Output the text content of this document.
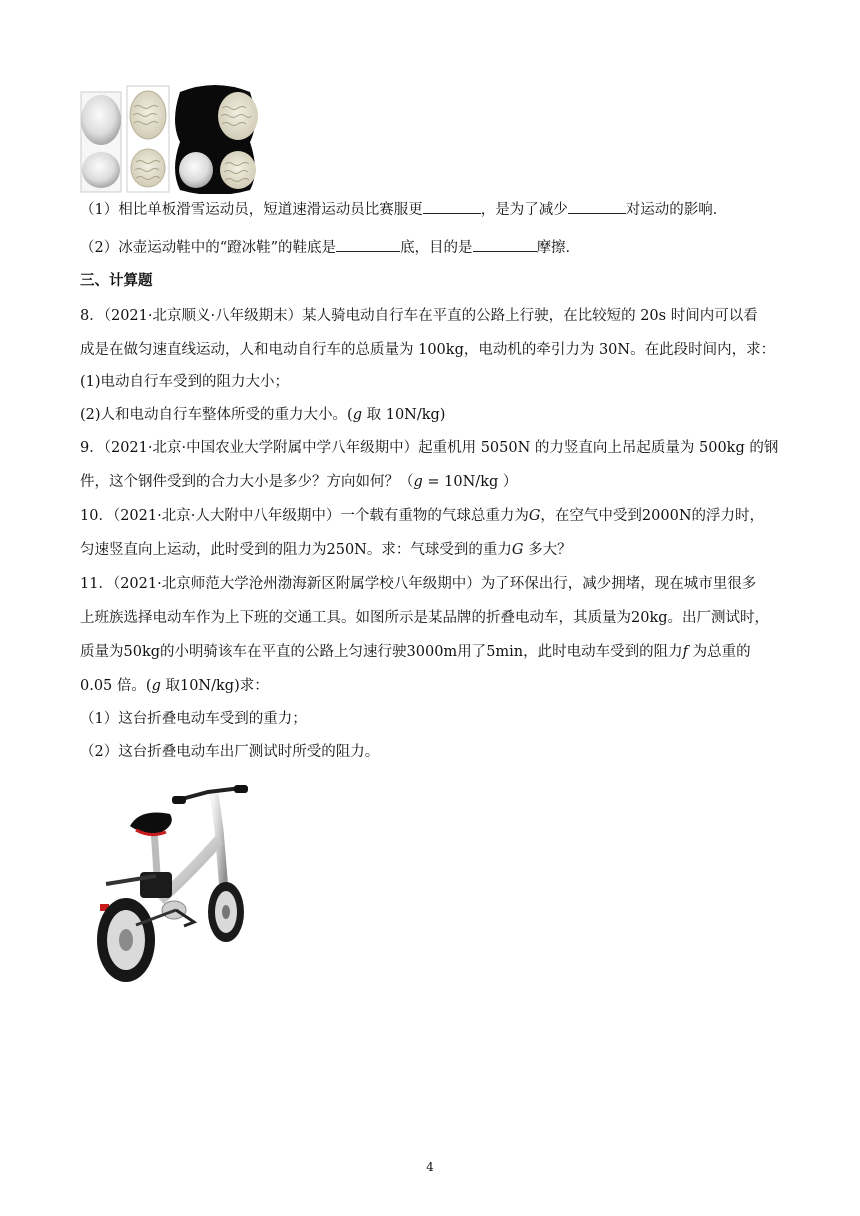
（1）相比单板滑雪运动员，短道速滑运动员比赛服更	，是为了减少	对运动的影响．
（2）冰壶运动鞋中的“蹬冰鞋”的鞋底是	底，目的是	摩擦．
三、计算题
8．（2021·北京顺义·八年级期末）某人骑电动自行车在平直的公路上行驶，在比较短的 20s 时间内可以看
成是在做匀速直线运动，人和电动自行车的总质量为 100kg，电动机的牵引力为 30N。在此段时间内，求：
(1)电动自行车受到的阻力大小；
(2)人和电动自行车整体所受的重力大小。(g 取 10N/kg)
9．（2021·北京·中国农业大学附属中学八年级期中）起重机用 5050N 的力竖直向上吊起质量为 500kg 的钢
件，这个钢件受到的合力大小是多少？方向如何？（g = 10N/kg ）
10．（2021·北京·人大附中八年级期中）一个载有重物的气球总重力为G，在空气中受到2000N的浮力时，
匀速竖直向上运动，此时受到的阻力为250N。求：气球受到的重力G 多大？
11．（2021·北京师范大学沧州渤海新区附属学校八年级期中）为了环保出行，减少拥堵，现在城市里很多
上班族选择电动车作为上下班的交通工具。如图所示是某品牌的折叠电动车，其质量为20kg。出厂测试时，
质量为50kg的小明骑该车在平直的公路上匀速行驶3000m用了5min，此时电动车受到的阻力f 为总重的
0.05 倍。(g 取10N/kg)求：
（1）这台折叠电动车受到的重力；
（2）这台折叠电动车出厂测试时所受的阻力。
4
